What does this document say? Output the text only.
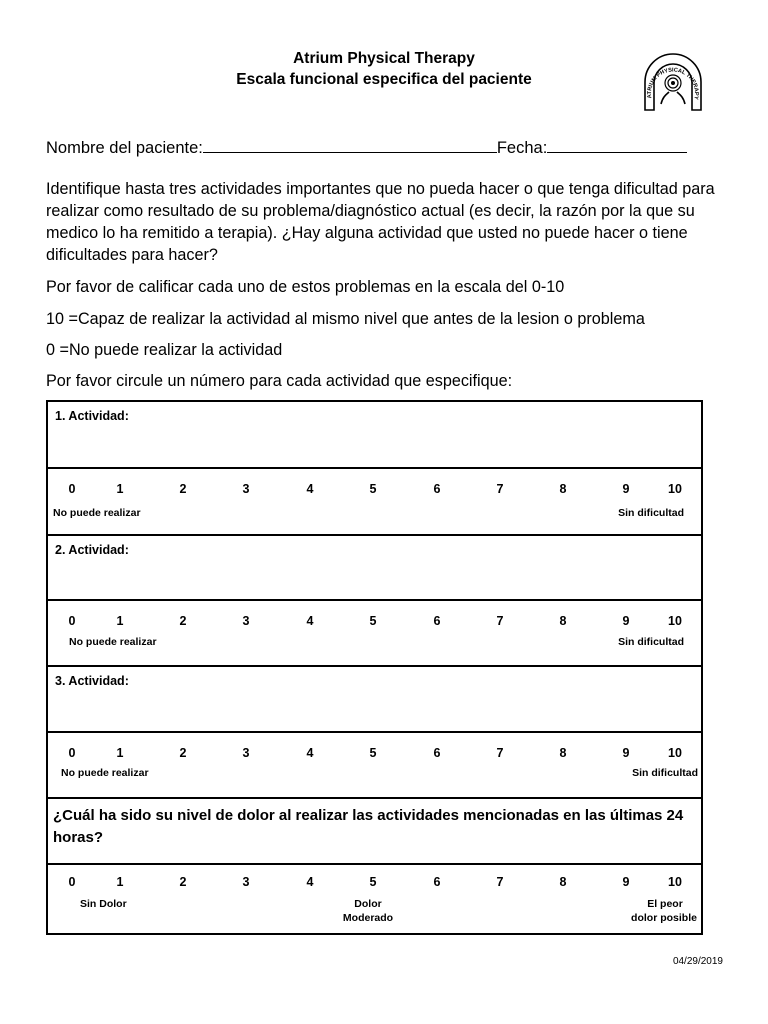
Atrium Physical Therapy
Escala funcional especifica del paciente
ATRIUM PHYSICAL THERAPY
Nombre del paciente:	Fecha:
Identifique hasta tres actividades importantes que no pueda hacer o que tenga dificultad para realizar como resultado de su problema/diagnóstico actual (es decir, la razón por la que su medico lo ha remitido a terapia). ¿Hay alguna actividad que usted no puede hacer o tiene dificultades para hacer?
Por favor de calificar cada uno de estos problemas en la escala del 0-10
10 =Capaz de realizar la actividad al mismo nivel que antes de la lesion o problema
0 =No puede realizar la actividad
Por favor circule un número para cada actividad que especifique:
1. Actividad:
No puede realizar	Sin dificultad
0	1	2	3	4	5	6	7	8	9	10
2. Actividad:
No puede realizar	Sin dificultad
0	1	2	3	4	5	6	7	8	9	10
3. Actividad:
No puede realizar	Sin dificultad
0	1	2	3	4	5	6	7	8	9	10
¿Cuál ha sido su nivel de dolor al realizar las actividades mencionadas en las últimas 24 horas?
Sin Dolor	Dolor
Moderado
El peor
dolor posible
0	1	2	3	4	5	6	7	8	9	10
04/29/2019
